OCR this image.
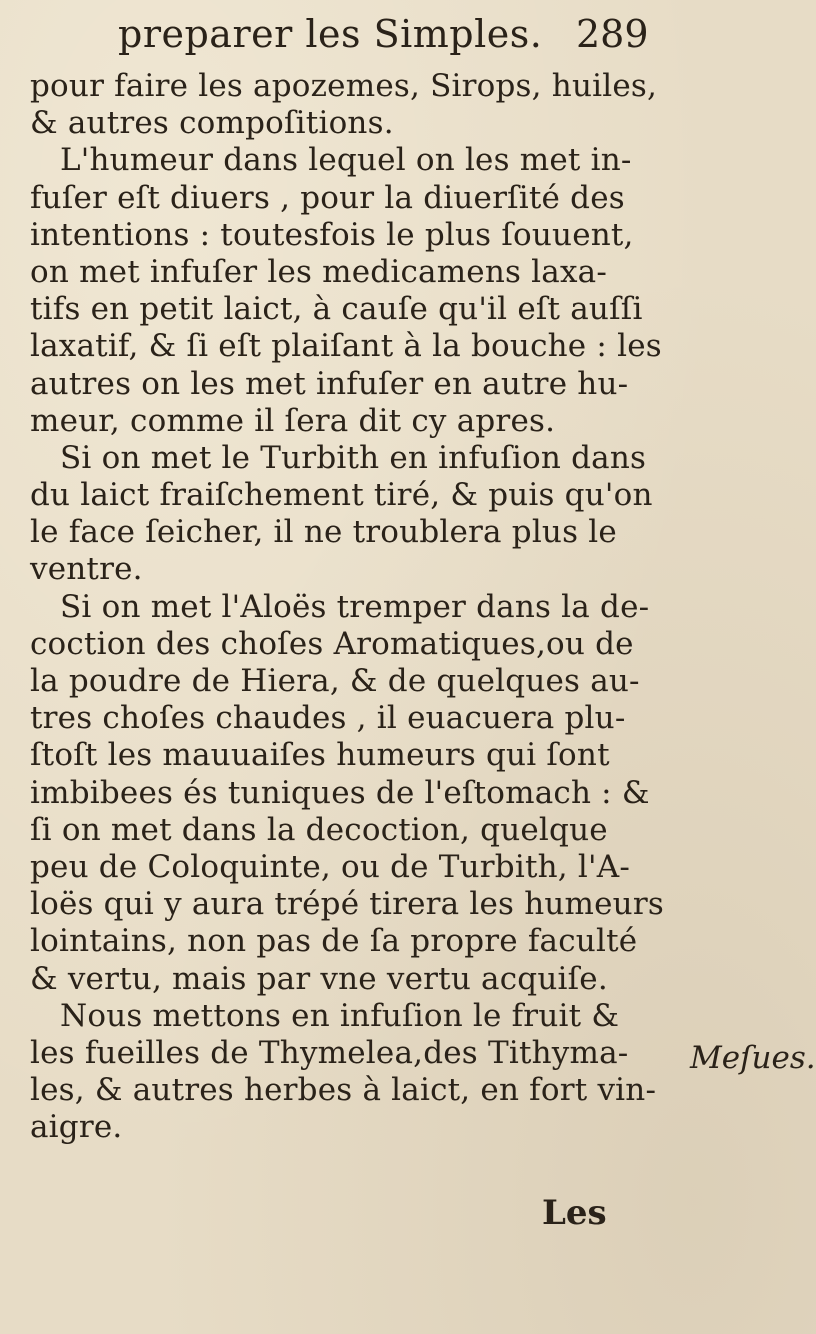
preparer les Simples. 289
pour faire les apozemes, Sirops, huiles,
& autres compoſitions.
L'humeur dans lequel on les met in-
fuſer eſt diuers , pour la diuerſité des
intentions : toutesfois le plus ſouuent,
on met infuſer les medicamens laxa-
tifs en petit laict, à cauſe qu'il eſt auſſi
laxatif, & ſi eſt plaiſant à la bouche : les
autres on les met infuſer en autre hu-
meur, comme il ſera dit cy apres.
Si on met le Turbith en infuſion dans
du laict fraiſchement tiré, & puis qu'on
le face ſeicher, il ne troublera plus le
ventre.
Si on met l'Aloës tremper dans la de-
coction des choſes Aromatiques,ou de
la poudre de Hiera, & de quelques au-
tres choſes chaudes , il euacuera plu-
ſtoſt les mauuaiſes humeurs qui ſont
imbibees és tuniques de l'eſtomach : &
ſi on met dans la decoction, quelque
peu de Coloquinte, ou de Turbith, l'A-
loës qui y aura trépé tirera les humeurs
lointains, non pas de ſa propre faculté
& vertu, mais par vne vertu acquiſe.
Nous mettons en infuſion le fruit &
les fueilles de Thymelea,des Tithyma-
les, & autres herbes à laict, en fort vin-
aigre.
Meſues.
Les
